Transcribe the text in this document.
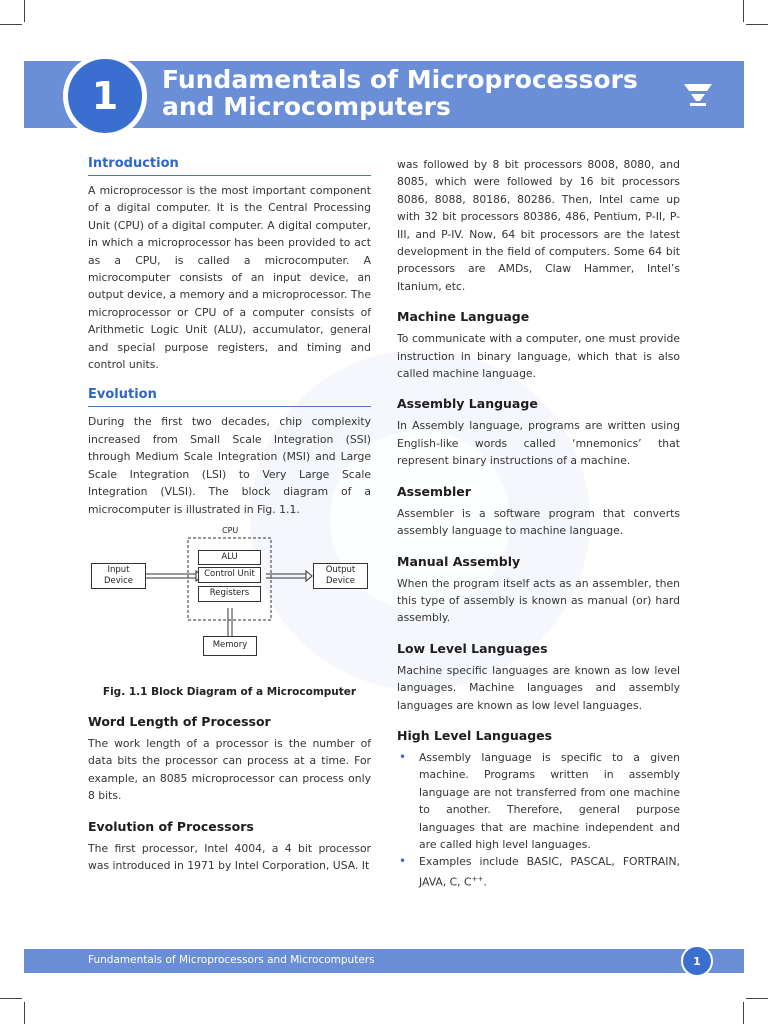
1	Fundamentals of Microprocessors
and Microcomputers
Introduction

A microprocessor is the most important component of a digital computer. It is the Central Processing Unit (CPU) of a digital computer. A digital computer, in which a microprocessor has been provided to act as a CPU, is called a microcomputer. A microcomputer consists of an input device, an output device, a memory and a microprocessor. The microprocessor or CPU of a computer consists of Arithmetic Logic Unit (ALU), accumulator, general and special purpose registers, and timing and control units.

Evolution

During the first two decades, chip complexity increased from Small Scale Integration (SSI) through Medium Scale Integration (MSI) and Large Scale Integration (LSI) to Very Large Scale Integration (VLSI). The block diagram of a microcomputer is illustrated in Fig. 1.1.

CPU
ALU
Control Unit
Registers
Input
Device
Output
Device
Memory
Fig. 1.1 Block Diagram of a Microcomputer
Word Length of Processor

The work length of a processor is the number of data bits the processor can process at a time. For example, an 8085 microprocessor can process only 8 bits.

Evolution of Processors

The first processor, Intel 4004, a 4 bit processor was introduced in 1971 by Intel Corporation, USA. It

was followed by 8 bit processors 8008, 8080, and 8085, which were followed by 16 bit processors 8086, 8088, 80186, 80286. Then, Intel came up with 32 bit processors 80386, 486, Pentium, P-II, P-III, and P-IV. Now, 64 bit processors are the latest development in the field of computers. Some 64 bit processors are AMDs, Claw Hammer, Intel’s Itanium, etc.

Machine Language

To communicate with a computer, one must provide instruction in binary language, which that is also called machine language.

Assembly Language

In Assembly language, programs are written using English-like words called ‘mnemonics’ that represent binary instructions of a machine.

Assembler

Assembler is a software program that converts assembly language to machine language.

Manual Assembly

When the program itself acts as an assembler, then this type of assembly is known as manual (or) hard assembly.

Low Level Languages

Machine specific languages are known as low level languages. Machine languages and assembly languages are known as low level languages.

High Level Languages
• Assembly language is specific to a given machine. Programs written in assembly language are not transferred from one machine to another. Therefore, general purpose languages that are machine independent and are called high level languages.
• Examples include BASIC, PASCAL, FORTRAIN, JAVA, C, C++.
Fundamentals of Microprocessors and Microcomputers	1
